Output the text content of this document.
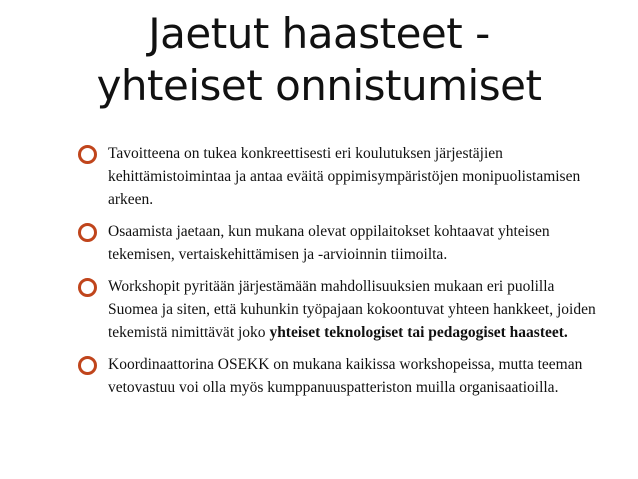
Jaetut haasteet -
yhteiset onnistumiset
Tavoitteena on tukea konkreettisesti eri koulutuksen järjestäjien kehittämistoimintaa ja antaa eväitä oppimisympäristöjen monipuolistamisen arkeen.
Osaamista jaetaan, kun mukana olevat oppilaitokset kohtaavat yhteisen tekemisen, vertaiskehittämisen ja -arvioinnin tiimoilta.
Workshopit pyritään järjestämään mahdollisuuksien mukaan eri puolilla Suomea ja siten, että kuhunkin työpajaan kokoontuvat yhteen hankkeet, joiden tekemistä nimittävät joko yhteiset teknologiset tai pedagogiset haasteet.
Koordinaattorina OSEKK on mukana kaikissa workshopeissa, mutta teeman vetovastuu voi olla myös kumppanuuspatteriston muilla organisaatioilla.
